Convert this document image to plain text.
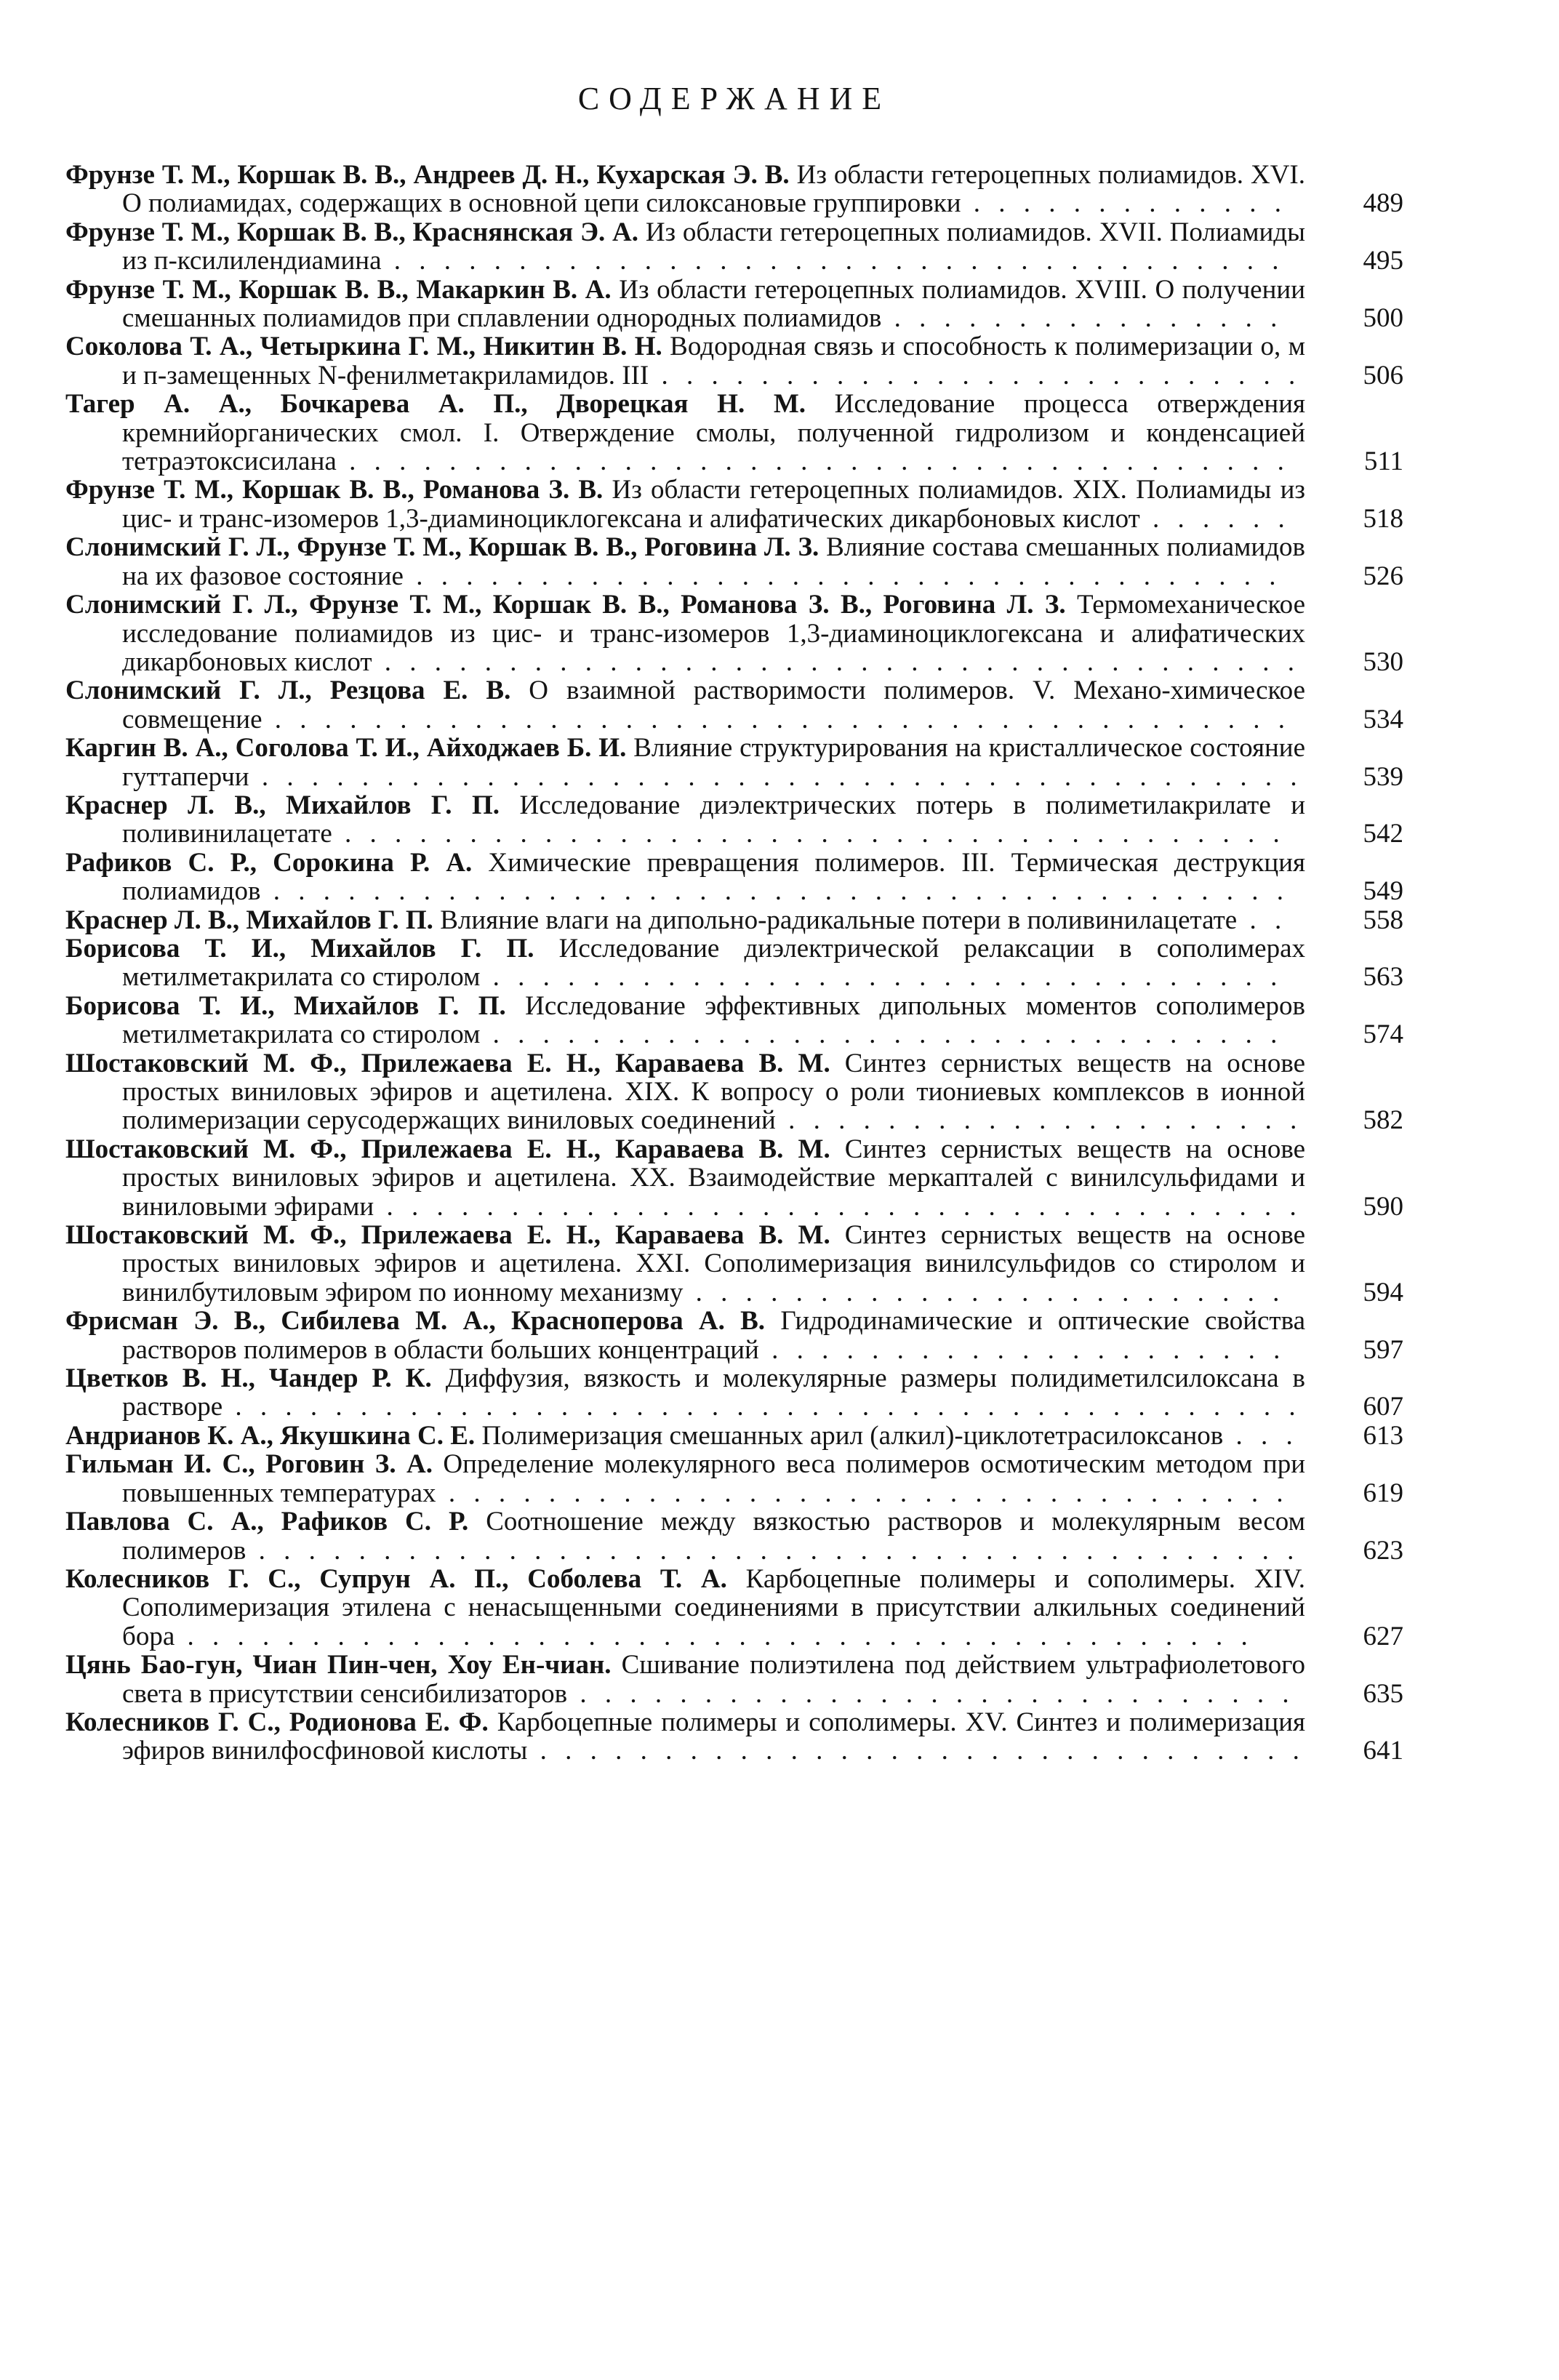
СОДЕРЖАНИЕ
Фрунзе Т. М., Коршак В. В., Андреев Д. Н., Кухарская Э. В. Из области гетероцепных полиамидов. XVI. О полиамидах, содержащих в основной цепи силоксановые группировки . . . . . . . . . . . . .	489
Фрунзе Т. М., Коршак В. В., Краснянская Э. А. Из области гетероцепных полиамидов. XVII. Полиамиды из п-ксилилендиамина . . . . . . . . . . . . . . . . . . . . . . . . . . . . . . . . . . . .	495
Фрунзе Т. М., Коршак В. В., Макаркин В. А. Из области гетероцепных полиамидов. XVIII. О получении смешанных полиамидов при сплавлении однородных полиамидов . . . . . . . . . . . . . . . .	500
Соколова Т. А., Четыркина Г. М., Никитин В. Н. Водородная связь и способность к полимеризации о, м и п-замещенных N-фенилметакриламидов. III . . . . . . . . . . . . . . . . . . . . . . . . . .	506
Тагер А. А., Бочкарева А. П., Дворецкая Н. М. Исследование процесса отверждения кремнийорганических смол. I. Отверждение смолы, полученной гидролизом и конденсацией тетраэтоксисилана . . . . . . . . . . . . . . . . . . . . . . . . . . . . . . . . . . . . . .	511
Фрунзе Т. М., Коршак В. В., Романова З. В. Из области гетероцепных полиамидов. XIX. Полиамиды из цис- и транс-изомеров 1,3-диаминоциклогексана и алифатических дикарбоновых кислот . . . . . .	518
Слонимский Г. Л., Фрунзе Т. М., Коршак В. В., Роговина Л. З. Влияние состава смешанных полиамидов на их фазовое состояние . . . . . . . . . . . . . . . . . . . . . . . . . . . . . . . . . . .	526
Слонимский Г. Л., Фрунзе Т. М., Коршак В. В., Романова З. В., Роговина Л. З. Термомеханическое исследование полиамидов из цис- и транс-изомеров 1,3-диаминоциклогексана и алифатических дикарбоновых кислот . . . . . . . . . . . . . . . . . . . . . . . . . . . . . . . . . . . . .	530
Слонимский Г. Л., Резцова Е. В. О взаимной растворимости полимеров. V. Механо-химическое совмещение . . . . . . . . . . . . . . . . . . . . . . . . . . . . . . . . . . . . . . . . .	534
Каргин В. А., Соголова Т. И., Айходжаев Б. И. Влияние структурирования на кристаллическое состояние гуттаперчи . . . . . . . . . . . . . . . . . . . . . . . . . . . . . . . . . . . . . . . . . .	539
Краснер Л. В., Михайлов Г. П. Исследование диэлектрических потерь в полиметилакрилате и поливинилацетате . . . . . . . . . . . . . . . . . . . . . . . . . . . . . . . . . . . . . .	542
Рафиков С. Р., Сорокина Р. А. Химические превращения полимеров. III. Термическая деструкция полиамидов . . . . . . . . . . . . . . . . . . . . . . . . . . . . . . . . . . . . . . . . .	549
Краснер Л. В., Михайлов Г. П. Влияние влаги на дипольно-радикальные потери в поливинилацетате . .	558
Борисова Т. И., Михайлов Г. П. Исследование диэлектрической релаксации в сополимерах метилметакрилата со стиролом . . . . . . . . . . . . . . . . . . . . . . . . . . . . . . . .	563
Борисова Т. И., Михайлов Г. П. Исследование эффективных дипольных моментов сополимеров метилметакрилата со стиролом . . . . . . . . . . . . . . . . . . . . . . . . . . . . . . . .	574
Шостаковский М. Ф., Прилежаева Е. Н., Караваева В. М. Синтез сернистых веществ на основе простых виниловых эфиров и ацетилена. XIX. К вопросу о роли тиониевых комплексов в ионной полимеризации серусодержащих виниловых соединений . . . . . . . . . . . . . . . . . . . . .	582
Шостаковский М. Ф., Прилежаева Е. Н., Караваева В. М. Синтез сернистых веществ на основе простых виниловых эфиров и ацетилена. XX. Взаимодействие меркапталей с винилсульфидами и виниловыми эфирами . . . . . . . . . . . . . . . . . . . . . . . . . . . . . . . . . . . . .	590
Шостаковский М. Ф., Прилежаева Е. Н., Караваева В. М. Синтез сернистых веществ на основе простых виниловых эфиров и ацетилена. XXI. Сополимеризация винилсульфидов со стиролом и винилбутиловым эфиром по ионному механизму . . . . . . . . . . . . . . . . . . . . . . . .	594
Фрисман Э. В., Сибилева М. А., Красноперова А. В. Гидродинамические и оптические свойства растворов полимеров в области больших концентраций . . . . . . . . . . . . . . . . . . . . .	597
Цветков В. Н., Чандер Р. К. Диффузия, вязкость и молекулярные размеры полидиметилсилоксана в растворе . . . . . . . . . . . . . . . . . . . . . . . . . . . . . . . . . . . . . . . . . . .	607
Андрианов К. А., Якушкина С. Е. Полимеризация смешанных арил (алкил)-циклотетрасилоксанов . . .	613
Гильман И. С., Роговин З. А. Определение молекулярного веса полимеров осмотическим методом при повышенных температурах . . . . . . . . . . . . . . . . . . . . . . . . . . . . . . . . . .	619
Павлова С. А., Рафиков С. Р. Соотношение между вязкостью растворов и молекулярным весом полимеров . . . . . . . . . . . . . . . . . . . . . . . . . . . . . . . . . . . . . . . . . .	623
Колесников Г. С., Супрун А. П., Соболева Т. А. Карбоцепные полимеры и сополимеры. XIV. Сополимеризация этилена с ненасыщенными соединениями в присутствии алкильных соединений бора . . . . . . . . . . . . . . . . . . . . . . . . . . . . . . . . . . . . . . . . . . .	627
Цянь Бао-гун, Чиан Пин-чен, Хоу Ен-чиан. Сшивание полиэтилена под действием ультрафиолетового света в присутствии сенсибилизаторов . . . . . . . . . . . . . . . . . . . . . . . . . . . . .	635
Колесников Г. С., Родионова Е. Ф. Карбоцепные полимеры и сополимеры. XV. Синтез и полимеризация эфиров винилфосфиновой кислоты . . . . . . . . . . . . . . . . . . . . . . . . . . . . . . .	641
